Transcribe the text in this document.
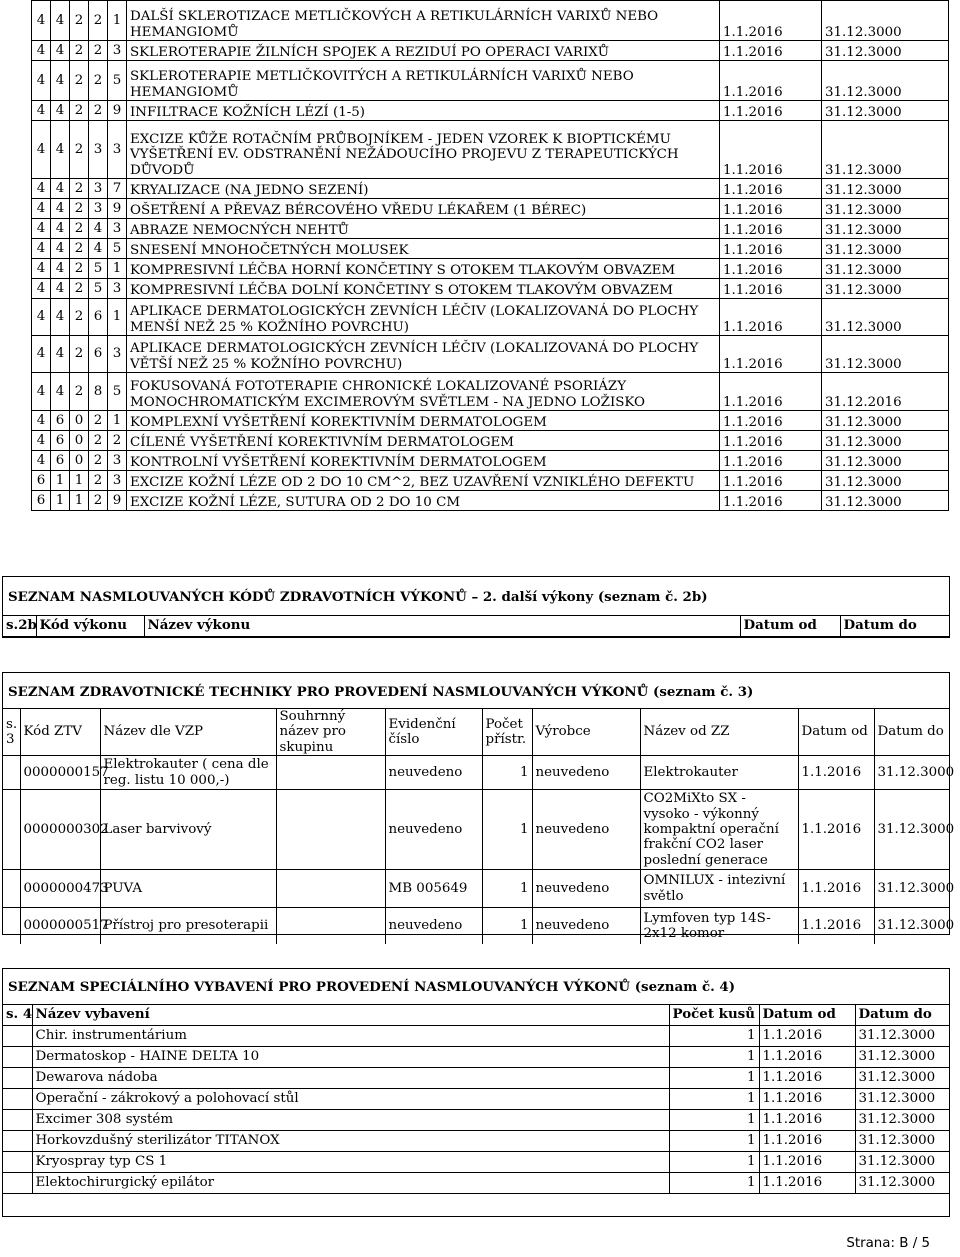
4	4	2	2	1	DALŠÍ SKLEROTIZACE METLIČKOVÝCH A RETIKULÁRNÍCH VARIXŮ NEBO HEMANGIOMŮ	1.1.2016	31.12.3000
4	4	2	2	3	SKLEROTERAPIE ŽILNÍCH SPOJEK A REZIDUÍ PO OPERACI VARIXŮ	1.1.2016	31.12.3000
4	4	2	2	5	SKLEROTERAPIE METLIČKOVITÝCH A RETIKULÁRNÍCH VARIXŮ NEBO HEMANGIOMŮ	1.1.2016	31.12.3000
4	4	2	2	9	INFILTRACE KOŽNÍCH LÉZÍ (1-5)	1.1.2016	31.12.3000
4	4	2	3	3	EXCIZE KŮŽE ROTAČNÍM PRŮBOJNÍKEM - JEDEN VZOREK K BIOPTICKÉMU VYŠETŘENÍ EV. ODSTRANĚNÍ NEŽÁDOUCÍHO PROJEVU Z TERAPEUTICKÝCH DŮVODŮ	1.1.2016	31.12.3000
4	4	2	3	7	KRYALIZACE (NA JEDNO SEZENÍ)	1.1.2016	31.12.3000
4	4	2	3	9	OŠETŘENÍ A PŘEVAZ BÉRCOVÉHO VŘEDU LÉKAŘEM (1 BÉREC)	1.1.2016	31.12.3000
4	4	2	4	3	ABRAZE NEMOCNÝCH NEHTŮ	1.1.2016	31.12.3000
4	4	2	4	5	SNESENÍ MNOHOČETNÝCH MOLUSEK	1.1.2016	31.12.3000
4	4	2	5	1	KOMPRESIVNÍ LÉČBA HORNÍ KONČETINY S OTOKEM TLAKOVÝM OBVAZEM	1.1.2016	31.12.3000
4	4	2	5	3	KOMPRESIVNÍ LÉČBA DOLNÍ KONČETINY S OTOKEM TLAKOVÝM OBVAZEM	1.1.2016	31.12.3000
4	4	2	6	1	APLIKACE DERMATOLOGICKÝCH ZEVNÍCH LÉČIV (LOKALIZOVANÁ DO PLOCHY MENŠÍ NEŽ 25 % KOŽNÍHO POVRCHU)	1.1.2016	31.12.3000
4	4	2	6	3	APLIKACE DERMATOLOGICKÝCH ZEVNÍCH LÉČIV (LOKALIZOVANÁ DO PLOCHY VĚTŠÍ NEŽ 25 % KOŽNÍHO POVRCHU)	1.1.2016	31.12.3000
4	4	2	8	5	FOKUSOVANÁ FOTOTERAPIE CHRONICKÉ LOKALIZOVANÉ PSORIÁZY MONOCHROMATICKÝM EXCIMEROVÝM SVĚTLEM - NA JEDNO LOŽISKO	1.1.2016	31.12.2016
4	6	0	2	1	KOMPLEXNÍ VYŠETŘENÍ KOREKTIVNÍM DERMATOLOGEM	1.1.2016	31.12.3000
4	6	0	2	2	CÍLENÉ VYŠETŘENÍ KOREKTIVNÍM DERMATOLOGEM	1.1.2016	31.12.3000
4	6	0	2	3	KONTROLNÍ VYŠETŘENÍ KOREKTIVNÍM DERMATOLOGEM	1.1.2016	31.12.3000
6	1	1	2	3	EXCIZE KOŽNÍ LÉZE OD 2 DO 10 CM^2, BEZ UZAVŘENÍ VZNIKLÉHO DEFEKTU	1.1.2016	31.12.3000
6	1	1	2	9	EXCIZE KOŽNÍ LÉZE, SUTURA OD 2 DO 10 CM	1.1.2016	31.12.3000
SEZNAM NASMLOUVANÝCH KÓDŮ ZDRAVOTNÍCH VÝKONŮ – 2. další výkony (seznam č. 2b)
s.2b	Kód výkonu	Název výkonu	Datum od	Datum do
SEZNAM ZDRAVOTNICKÉ TECHNIKY PRO PROVEDENÍ NASMLOUVANÝCH VÝKONŮ (seznam č. 3)
s. 3	Kód ZTV	Název dle VZP	Souhrnný název pro skupinu	Evidenční číslo	Počet přístr.	Výrobce	Název od ZZ	Datum od	Datum do
	0000000157	Elektrokauter ( cena dle reg. listu 10 000,-)		neuvedeno	1	neuvedeno	Elektrokauter	1.1.2016	31.12.3000
	0000000302	Laser barvivový		neuvedeno	1	neuvedeno	CO2MiXto SX - vysoko - výkonný kompaktní operační frakční CO2 laser poslední generace	1.1.2016	31.12.3000
	0000000473	PUVA		MB 005649	1	neuvedeno	OMNILUX - intezivní světlo	1.1.2016	31.12.3000
	0000000517	Přístroj pro presoterapii		neuvedeno	1	neuvedeno	Lymfoven typ 14S-2x12 komor	1.1.2016	31.12.3000
SEZNAM SPECIÁLNÍHO VYBAVENÍ PRO PROVEDENÍ NASMLOUVANÝCH VÝKONŮ (seznam č. 4)
s. 4	Název vybavení	Počet kusů	Datum od	Datum do
	Chir. instrumentárium	1	1.1.2016	31.12.3000
	Dermatoskop - HAINE DELTA 10	1	1.1.2016	31.12.3000
	Dewarova nádoba	1	1.1.2016	31.12.3000
	Operační - zákrokový a polohovací stůl	1	1.1.2016	31.12.3000
	Excimer 308 systém	1	1.1.2016	31.12.3000
	Horkovzdušný sterilizátor TITANOX	1	1.1.2016	31.12.3000
	Kryospray typ CS 1	1	1.1.2016	31.12.3000
	Elektochirurgický epilátor	1	1.1.2016	31.12.3000
Strana: B / 5
